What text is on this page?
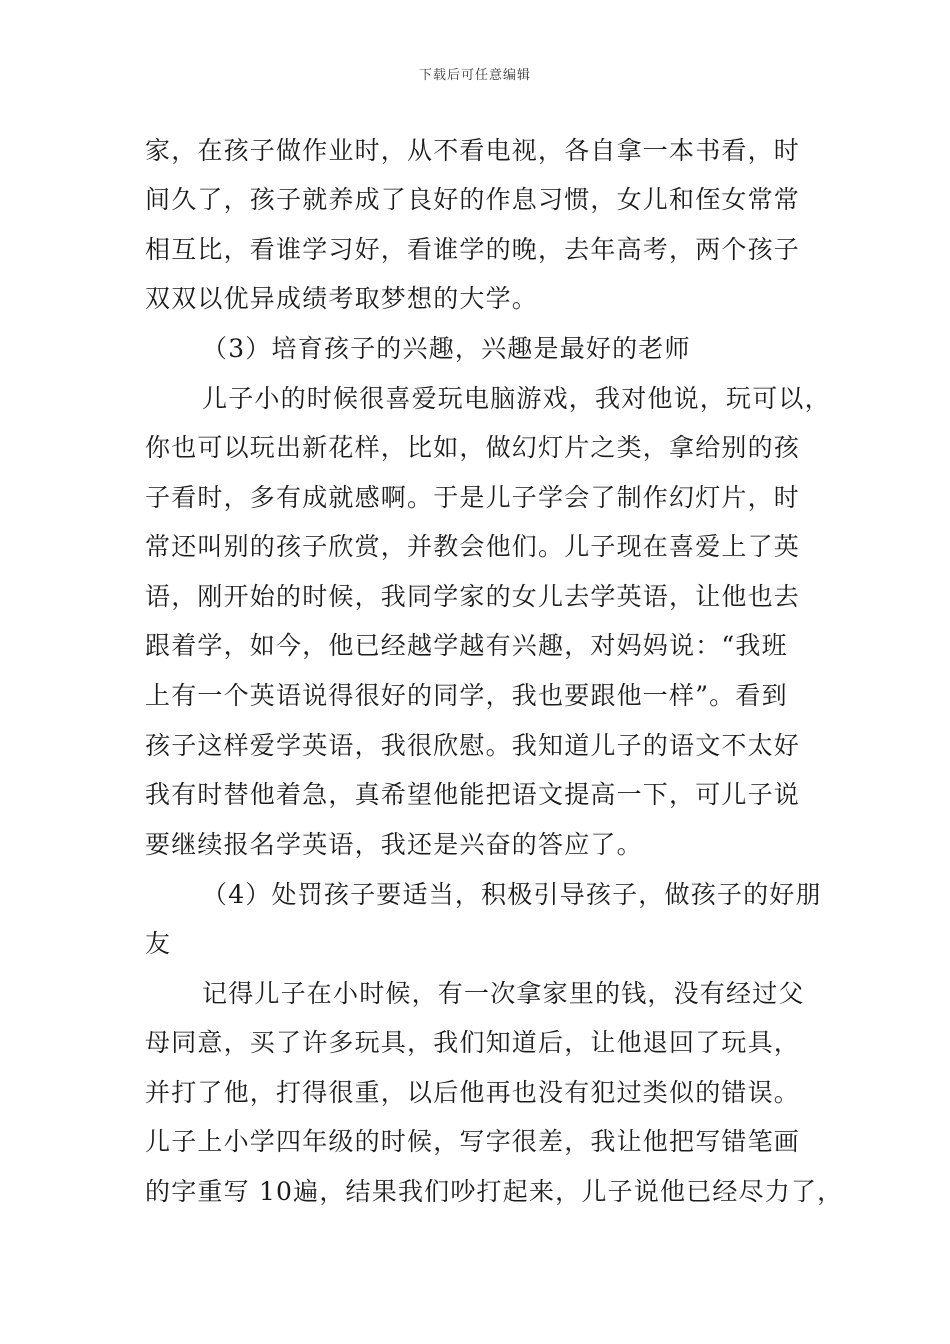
下载后可任意编辑
家，在孩子做作业时，从不看电视，各自拿一本书看，时
间久了，孩子就养成了良好的作息习惯，女儿和侄女常常
相互比，看谁学习好，看谁学的晚，去年高考，两个孩子
双双以优异成绩考取梦想的大学。
（3）培育孩子的兴趣，兴趣是最好的老师
儿子小的时候很喜爱玩电脑游戏，我对他说，玩可以，
你也可以玩出新花样，比如，做幻灯片之类，拿给别的孩
子看时，多有成就感啊。于是儿子学会了制作幻灯片，时
常还叫别的孩子欣赏，并教会他们。儿子现在喜爱上了英
语，刚开始的时候，我同学家的女儿去学英语，让他也去
跟着学，如今，他已经越学越有兴趣，对妈妈说：“我班
上有一个英语说得很好的同学，我也要跟他一样”。看到
孩子这样爱学英语，我很欣慰。我知道儿子的语文不太好
我有时替他着急，真希望他能把语文提高一下，可儿子说
要继续报名学英语，我还是兴奋的答应了。
（4）处罚孩子要适当，积极引导孩子，做孩子的好朋
友
记得儿子在小时候，有一次拿家里的钱，没有经过父
母同意，买了许多玩具，我们知道后，让他退回了玩具，
并打了他，打得很重，以后他再也没有犯过类似的错误。
儿子上小学四年级的时候，写字很差，我让他把写错笔画
的字重写 10遍，结果我们吵打起来，儿子说他已经尽力了，
